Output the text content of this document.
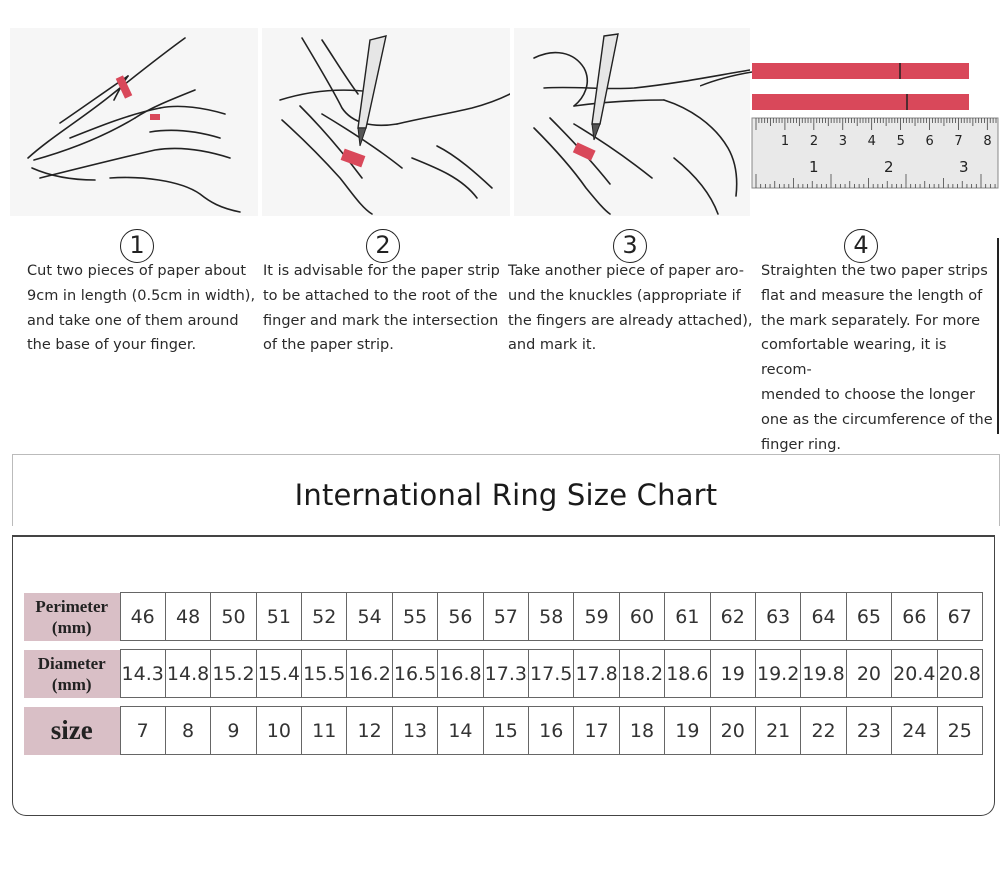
1 2 3 4 5 6 7 8
1	2	3
1	2	3	4
Cut two pieces of paper about
9cm in length (0.5cm in width),
and take one of them around
the base of your finger.
It is advisable for the paper strip
to be attached to the root of the
finger and mark the intersection
of the paper strip.
Take another piece of paper aro-
und the knuckles (appropriate if
the fingers are already attached),
and mark it.
Straighten the two paper strips
flat and measure the length of
the mark separately. For more
comfortable wearing, it is recom-
mended to choose the longer
one as the circumference of the
finger ring.
International Ring Size Chart
Perimeter
(mm)	46	48	50	51	52	54	55	56	57	58	59	60	61	62	63	64	65	66	67

Diameter
(mm)	14.3	14.8	15.2	15.4	15.5	16.2	16.5	16.8	17.3	17.5	17.8	18.2	18.6	19	19.2	19.8	20	20.4	20.8

size	7	8	9	10	11	12	13	14	15	16	17	18	19	20	21	22	23	24	25
